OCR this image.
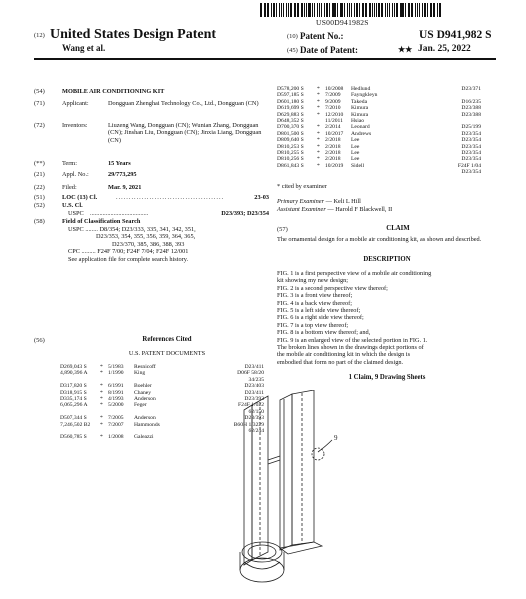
US00D941982S
(12) United States Design Patent
Wang et al.
(10) Patent No.:	US D941,982 S
(45) Date of Patent:	★★ Jan. 25, 2022
(54)	MOBILE AIR CONDITIONING KIT
(71)	Applicant:	Dongguan Zhenghai Technology Co., Ltd., Dongguan (CN)
(72)	Inventors:	Liuzeng Wang, Dongguan (CN); Wunian Zhang, Dongguan (CN); Jinshan Liu, Dongguan (CN); Jinxia Liang, Dongguan (CN)
(**)	Term:	15 Years
(21)	Appl. No.:	29/773,295
(22)	Filed:	Mar. 9, 2021
(51)	LOC (13) Cl.	..........................................	23-03
(52)	U.S. Cl.
USPC .....................................	D23/393; D23/354
(58)	Field of Classification Search
USPC ........ D8/354; D23/333, 335, 341, 342, 351,
D23/353, 354, 355, 356, 359, 364, 365,
D23/370, 385, 386, 388, 393
CPC ......... F24F 7/00; F24F 7/04; F24F 12/001
See application file for complete search history.
(56)	References Cited
U.S. PATENT DOCUMENTS
D269,043 S	* 5/1983	Resnicoff	D23/411
4,890,396 A	* 1/1990	King	D06F 58/20
34/235
D317,820 S	* 6/1991	Boehler	D23/403
D318,915 S	* 8/1991	Chaney	D23/411
D335,174 S	* 4/1993	Anderson	D23/393
6,065,296 A	* 5/2000	Feger	F24F 1/022
62/150
D507,344 S	* 7/2005	Anderson	D23/393
7,246,502 B2	* 7/2007	Hammonds	B60H 1/3229
62/244
D560,785 S	* 1/2008	Galeazzi
D578,200 S	* 10/2008	Hedlund	D23/371
D597,185 S	* 7/2009	Fayngkleyn
D601,180 S	* 9/2009	Takeda	D16/235
D619,699 S	* 7/2010	Kimura	D23/388
D629,883 S	* 12/2010	Kimura	D23/388
D648,352 S	11/2011	Hsiao
D700,370 S	* 2/2014	Leonard	D25/199
D801,500 S	* 10/2017	Andrews	D23/354
D809,640 S	* 2/2018	Lee	D23/354
D810,253 S	* 2/2018	Lee	D23/354
D810,255 S	* 2/2018	Lee	D23/354
D810,256 S	* 2/2018	Lee	D23/354
D861,843 S	* 10/2019	Sidell	F24F 1/04
D23/354
* cited by examiner
Primary Examiner — Keli L Hill
Assistant Examiner — Harold F Blackwell, II
(57)	CLAIM
The ornamental design for a mobile air conditioning kit, as shown and described.
DESCRIPTION
FIG. 1 is a first perspective view of a mobile air conditioning
kit showing my new design;
FIG. 2 is a second perspective view thereof;
FIG. 3 is a front view thereof;
FIG. 4 is a back view thereof;
FIG. 5 is a left side view thereof;
FIG. 6 is a right side view thereof;
FIG. 7 is a top view thereof;
FIG. 8 is a bottom view thereof; and,
FIG. 9 is an enlarged view of the selected portion in FIG. 1.
The broken lines shown in the drawings depict portions of
the mobile air conditioning kit in which the design is
embodied that form no part of the claimed design.
1 Claim, 9 Drawing Sheets
9
